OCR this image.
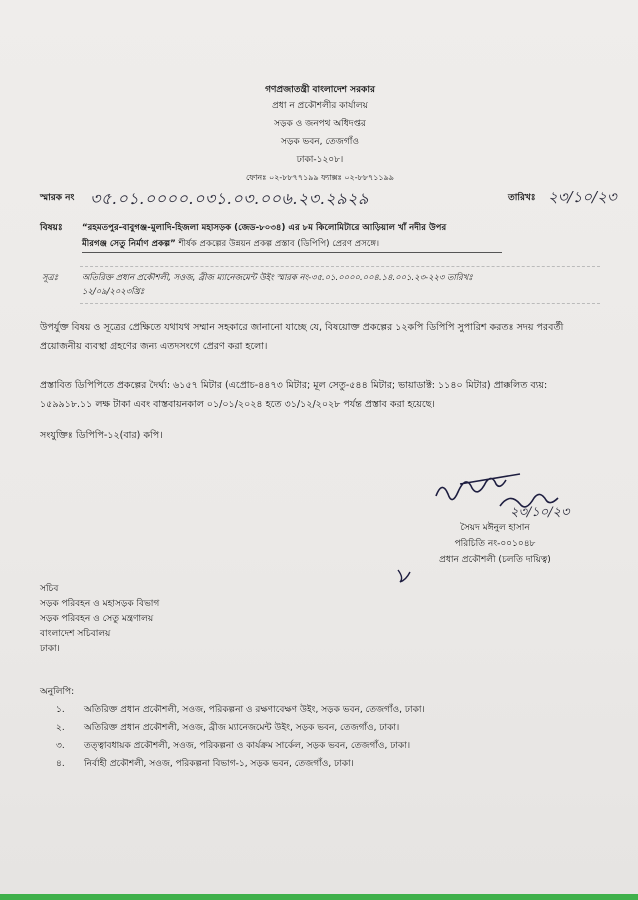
গণপ্রজাতন্ত্রী বাংলাদেশ সরকার
প্রধা ন প্রকৌশলীর কার্যালয়
সড়ক ও জনপথ অধিদপ্তর
সড়ক ভবন, তেজগাঁও
ঢাকা-১২০৮।
ফোনঃ ০২-৮৮৭৭১৯৯ ফ্যাক্সঃ ০২-৮৮৭১১৯৯
স্মারক নং ৩৫.০১.০০০০.০৩১.০৩.০০৬.২৩.২৯২৯	তারিখঃ ২৩/১০/২৩
বিষয়ঃ “রহমতপুর-বাবুগঞ্জ-মুলাদি-হিজলা মহাসড়ক (জেড-৮০৩৪) এর ৮ম কিলোমিটারে আড়িয়াল খাঁ নদীর উপর
মীরগঞ্জ সেতু নির্মাণ প্রকল্প” শীর্ষক প্রকল্পের উন্নয়ন প্রকল্প প্রস্তাব (ডিপিপি) প্রেরণ প্রসঙ্গে।
সূত্রঃ	অতিরিক্ত প্রধান প্রকৌশলী, সওজ, ব্রীজ ম্যানেজমেন্ট উইং স্মারক নং-৩৫.০১.০০০০.০০৪.১৪.০০১.২৩-২২৩ তারিখঃ
১২/০৯/২০২৩খ্রিঃ
উপর্যুক্ত বিষয় ও সূত্রের প্রেক্ষিতে যথাযথ সম্মান সহকারে জানানো যাচ্ছে যে, বিষয়োক্ত প্রকল্পের ১২কপি ডিপিপি সুপারিশ করতঃ সদয় পরবর্তী প্রয়োজনীয় ব্যবস্থা গ্রহণের জন্য এতদসংগে প্রেরণ করা হলো।
প্রস্তাবিত ডিপিপিতে প্রকল্পের দৈর্ঘ্য: ৬১৫৭ মিটার (এপ্রোচ-৪৪৭৩ মিটার; মূল সেতু-৫৪৪ মিটার; ভায়াডাক্ট: ১১৪০ মিটার) প্রাক্কলিত ব্যয়: ১৫৯৯১৮.১১ লক্ষ টাকা এবং বাস্তবায়নকাল ০১/০১/২০২৪ হতে ৩১/১২/২০২৮ পর্যন্ত প্রস্তাব করা হয়েছে।
সংযুক্তিঃ ডিপিপি-১২(বার) কপি।
২৩/১০/২৩
সৈয়দ মঈনুল হাসান
পরিচিতি নং-০০১০৪৮
প্রধান প্রকৌশলী (চলতি দায়িত্ব)
সচিব
সড়ক পরিবহন ও মহাসড়ক বিভাগ
সড়ক পরিবহন ও সেতু মন্ত্রণালয়
বাংলাদেশ সচিবালয়
ঢাকা।
অনুলিপি:
১. অতিরিক্ত প্রধান প্রকৌশলী, সওজ, পরিকল্পনা ও রক্ষণাবেক্ষণ উইং, সড়ক ভবন, তেজগাঁও, ঢাকা।
২. অতিরিক্ত প্রধান প্রকৌশলী, সওজ, ব্রীজ ম্যানেজমেন্ট উইং, সড়ক ভবন, তেজগাঁও, ঢাকা।
৩. তত্ত্বাবধায়ক প্রকৌশলী, সওজ, পরিকল্পনা ও কার্যক্রম সার্কেল, সড়ক ভবন, তেজগাঁও, ঢাকা।
৪. নির্বাহী প্রকৌশলী, সওজ, পরিকল্পনা বিভাগ-১, সড়ক ভবন, তেজগাঁও, ঢাকা।
